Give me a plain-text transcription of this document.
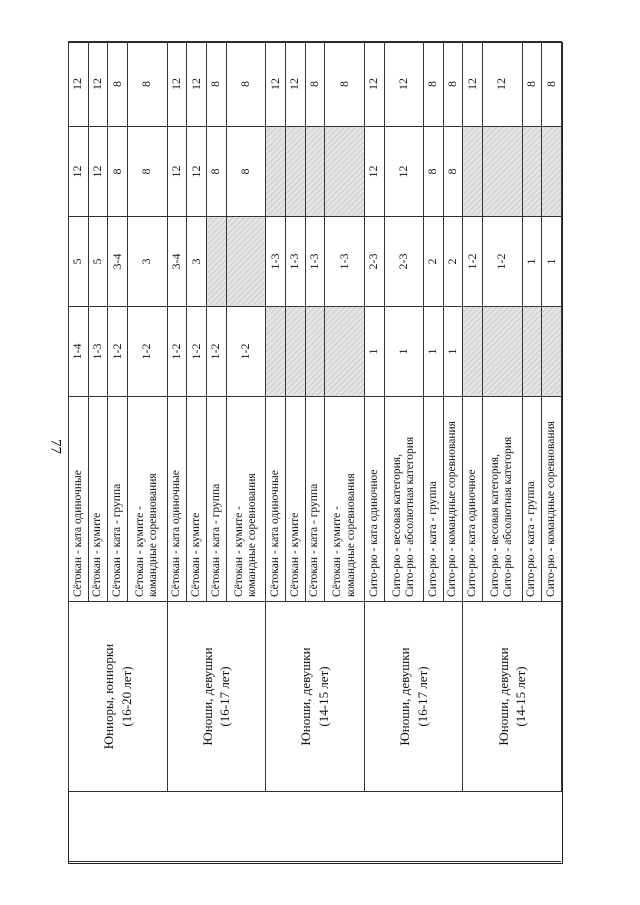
77
	Юниоры, юниорки (16-20 лет)	Сётокан - ката одиночные	1-4	5	12	12
		Сётокан - кумите	1-3	5	12	12
		Сётокан - ката - группа	1-2	3-4	8	8
		Сётокан - кумите -
командные соревнования	1-2	3	8	8
	Юноши, девушки (16-17 лет)	Сётокан - ката одиночные	1-2	3-4	12	12
		Сётокан - кумите	1-2	3	12	12
		Сётокан - ката - группа	1-2		8	8
		Сётокан - кумите -
командные соревнования	1-2		8	8
	Юноши, девушки (14-15 лет)	Сётокан - ката одиночные		1-3		12
		Сётокан - кумите		1-3		12
		Сётокан - ката - группа		1-3		8
		Сётокан - кумите -
командные соревнования		1-3		8
	Юноши, девушки (16-17 лет)	Сито-рю - ката одиночное	1	2-3	12	12
		Сито-рю - весовая категория,
Сито-рю - абсолютная категория	1	2-3	12	12
		Сито-рю - ката - группа	1	2	8	8
		Сито-рю - командные соревнования	1	2	8	8
	Юноши, девушки (14-15 лет)	Сито-рю - ката одиночное		1-2		12
		Сито-рю - весовая категория,
Сито-рю - абсолютная категория		1-2		12
		Сито-рю - ката - группа		1		8
		Сито-рю - командные соревнования		1		8
